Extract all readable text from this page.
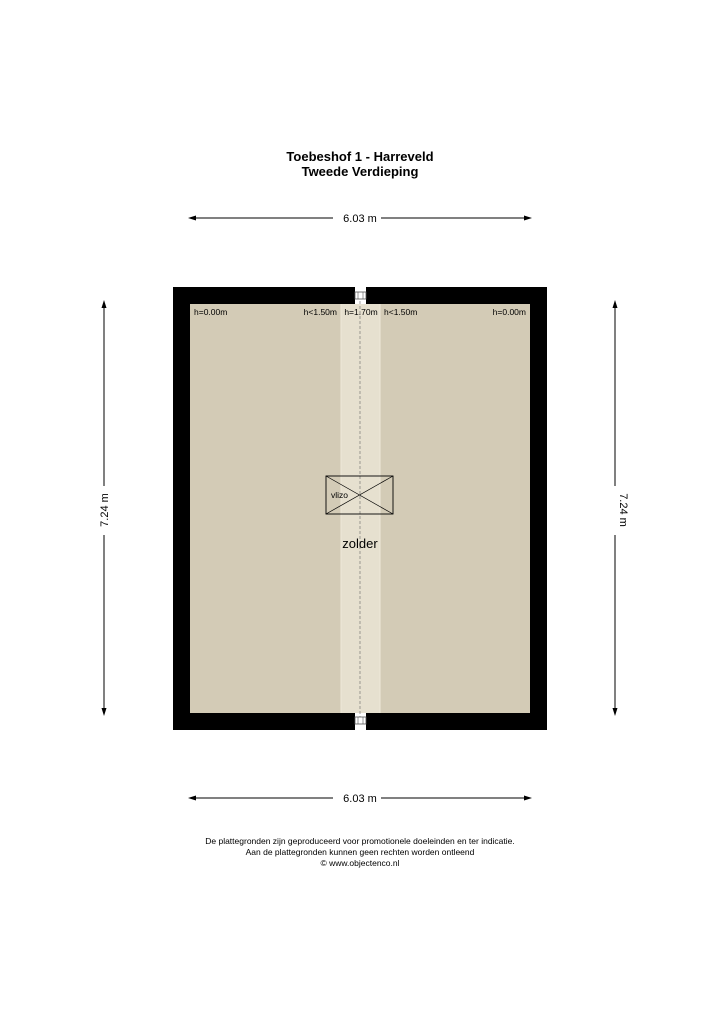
Toebeshof 1 - Harreveld
Tweede Verdieping
6.03 m
6.03 m
7.24 m	7.24 m
h=0.00m	h<1.50m h=1.70m h<1.50m	h=0.00m
vlizo
zolder
De plattegronden zijn geproduceerd voor promotionele doeleinden en ter indicatie.
Aan de plattegronden kunnen geen rechten worden ontleend
© www.objectenco.nl
